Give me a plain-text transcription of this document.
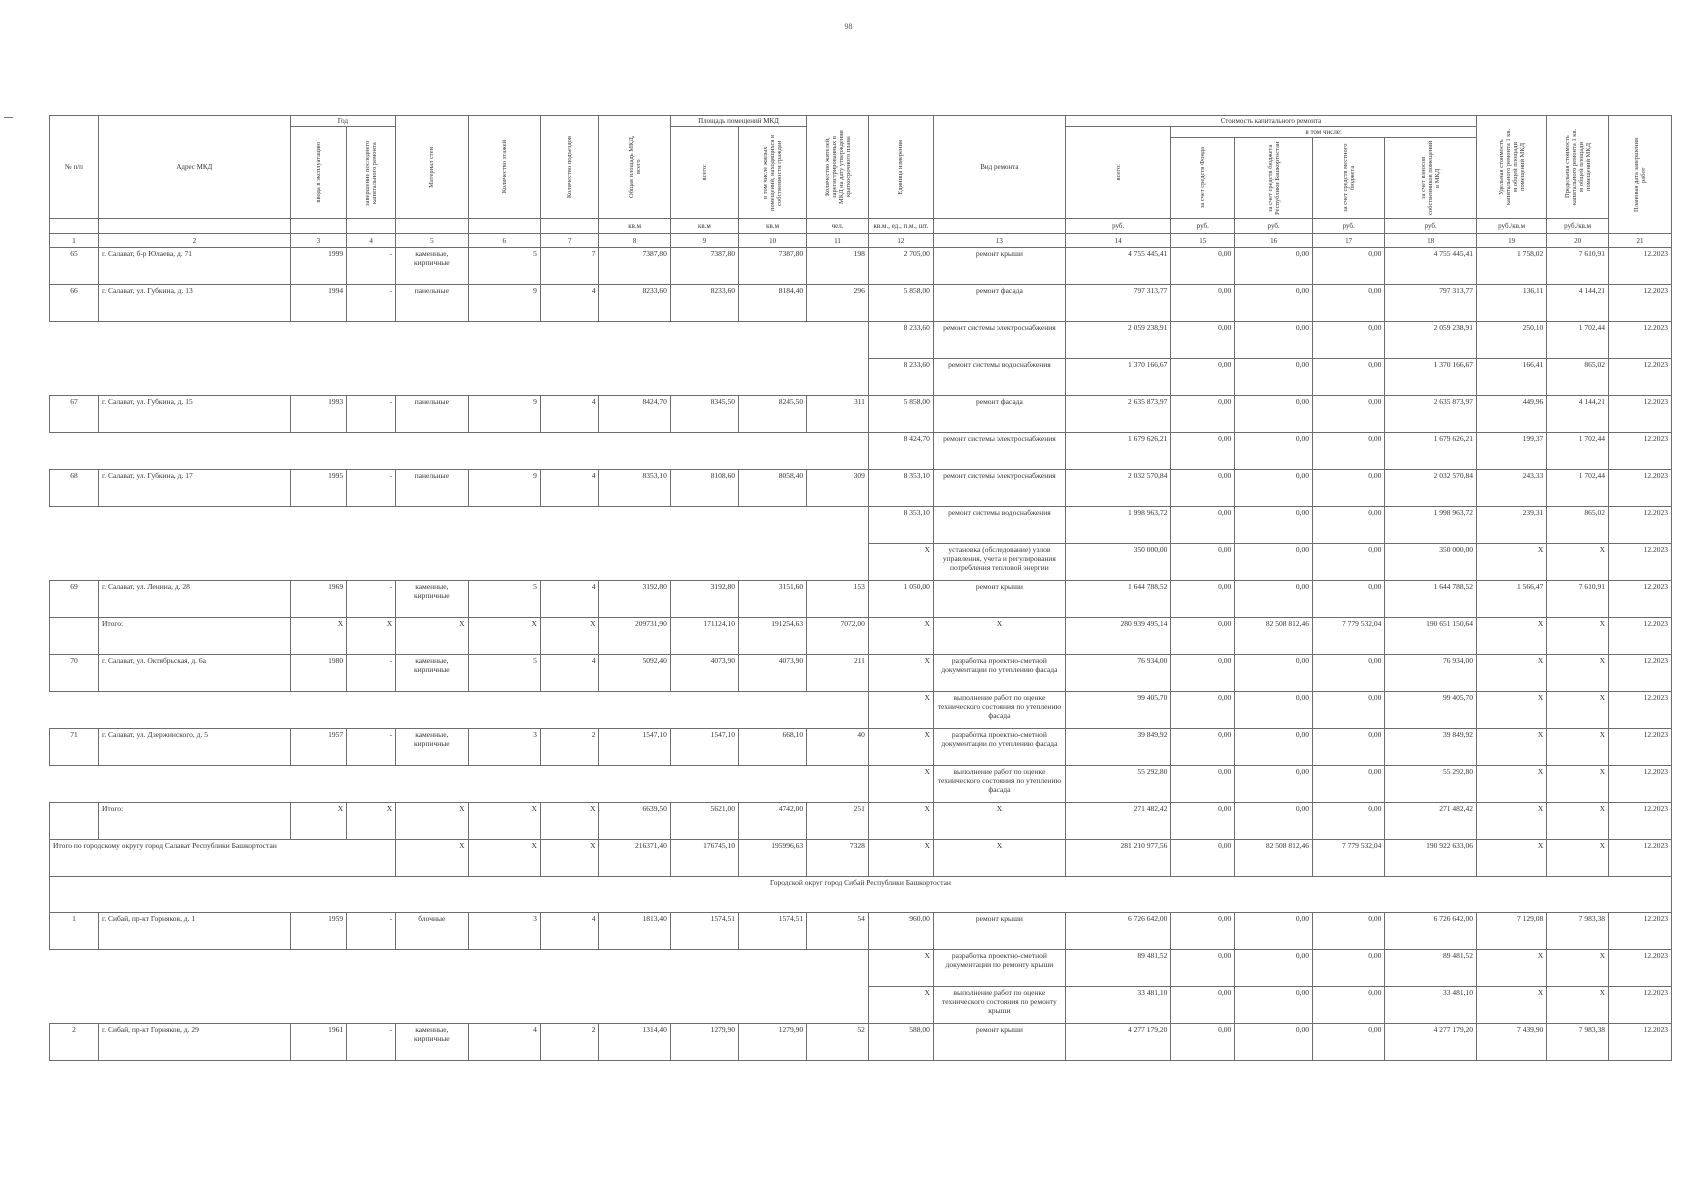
98
№ п/п	Адрес МКД	Год		Материал стен	Количество этажей	Количество подъездов	Общая площадь МКД, всего	Площадь помещений МКД		Количество жителей, зарегистрированных в МКД на дату утверждения краткосрочного плана	Единица измерения	Вид ремонта	Стоимость капитального ремонта					Удельная стоимость капитального ремонта 1 кв. м общей площади помещений МКД	Предельная стоимость капитального ремонта 1 кв. м общей площади помещений МКД	Плановая дата завершения работ

		ввода в эксплуатацию	завершение последнего капитального ремонта					всего:	в том числе жилых помещений, находящихся в собственности граждан				всего:	в том числе:						

														за счет средств Фонда	за счет средств бюджета Республики Башкортостан	за счет средств местного бюджета	за счет взносов собственников помещений в МКД			

							кв.м	кв.м	кв.м	чел.	кв.м., ед., п.м., шт.		руб.	руб.	руб.	руб.	руб.	руб./кв.м	руб./кв.м	
1	2	3	4	5	6	7	8	9	10	11	12	13	14	15	16	17	18	19	20	21
65	г. Салават, б-р Юлаева, д. 71	1999	-	каменные, кирпичные	5	7	7387,80	7387,80	7387,80	198	2 705,00	ремонт крыши	4 755 445,41	0,00	0,00	0,00	4 755 445,41	1 758,02	7 610,91	12.2023
66	г. Салават, ул. Губкина, д. 13	1994	-	панельные	9	4	8233,60	8233,60	8184,40	296	5 858,00	ремонт фасада	797 313,77	0,00	0,00	0,00	797 313,77	136,11	4 144,21	12.2023
											8 233,60	ремонт системы электроснабжения	2 059 238,91	0,00	0,00	0,00	2 059 238,91	250,10	1 702,44	12.2023
											8 233,60	ремонт системы водоснабжения	1 370 166,67	0,00	0,00	0,00	1 370 166,67	166,41	865,02	12.2023
67	г. Салават, ул. Губкина, д. 15	1993	-	панельные	9	4	8424,70	8345,50	8245,50	311	5 858,00	ремонт фасада	2 635 873,97	0,00	0,00	0,00	2 635 873,97	449,96	4 144,21	12.2023
											8 424,70	ремонт системы электроснабжения	1 679 626,21	0,00	0,00	0,00	1 679 626,21	199,37	1 702,44	12.2023
68	г. Салават, ул. Губкина, д. 17	1995	-	панельные	9	4	8353,10	8108,60	8058,40	309	8 353,10	ремонт системы электроснабжения	2 032 570,84	0,00	0,00	0,00	2 032 570,84	243,33	1 702,44	12.2023
											8 353,10	ремонт системы водоснабжения	1 998 963,72	0,00	0,00	0,00	1 998 963,72	239,31	865,02	12.2023
											Х	установка (обследование) узлов управления, учета и регулирования потребления тепловой энергии	350 000,00	0,00	0,00	0,00	350 000,00	Х	Х	12.2023
69	г. Салават, ул. Ленина, д. 28	1969	-	каменные, кирпичные	5	4	3192,80	3192,80	3151,60	153	1 050,00	ремонт крыши	1 644 788,52	0,00	0,00	0,00	1 644 788,52	1 566,47	7 610,91	12.2023
	Итого:	Х	Х	Х	Х	Х	209731,90	171124,10	191254,63	7072,00	Х	Х	280 939 495,14	0,00	82 508 812,46	7 779 532,04	190 651 150,64	Х	Х	12.2023
70	г. Салават, ул. Октябрьская, д. 6а	1980	-	каменные, кирпичные	5	4	5092,40	4073,90	4073,90	211	Х	разработка проектно-сметной документации по утеплению фасада	76 934,00	0,00	0,00	0,00	76 934,00	Х	Х	12.2023
											Х	выполнение работ по оценке технического состояния по утеплению фасада	99 405,70	0,00	0,00	0,00	99 405,70	Х	Х	12.2023
71	г. Салават, ул. Дзержинского, д. 5	1957	-	каменные, кирпичные	3	2	1547,10	1547,10	668,10	40	Х	разработка проектно-сметной документации по утеплению фасада	39 849,92	0,00	0,00	0,00	39 849,92	Х	Х	12.2023
											Х	выполнение работ по оценке технического состояния по утеплению фасада	55 292,80	0,00	0,00	0,00	55 292,80	Х	Х	12.2023
	Итого:	Х	Х	Х	Х	Х	6639,50	5621,00	4742,00	251	Х	Х	271 482,42	0,00	0,00	0,00	271 482,42	Х	Х	12.2023
Итого по городскому округу город Салават Республики Башкортостан				Х	Х	Х	216371,40	176745,10	195996,63	7328	Х	Х	281 210 977,56	0,00	82 508 812,46	7 779 532,04	190 922 633,06	Х	Х	12.2023
Городской округ город Сибай Республики Башкортостан																				
1	г. Сибай, пр-кт Горняков, д. 1	1959	-	блочные	3	4	1813,40	1574,51	1574,51	54	960,00	ремонт крыши	6 726 642,00	0,00	0,00	0,00	6 726 642,00	7 129,08	7 983,38	12.2023
											Х	разработка проектно-сметной документации по ремонту крыши	89 481,52	0,00	0,00	0,00	89 481,52	Х	Х	12.2023
											Х	выполнение работ по оценке технического состояния по ремонту крыши	33 481,10	0,00	0,00	0,00	33 481,10	Х	Х	12.2023
2	г. Сибай, пр-кт Горняков, д. 29	1961	-	каменные, кирпичные	4	2	1314,40	1279,90	1279,90	52	588,00	ремонт крыши	4 277 179,20	0,00	0,00	0,00	4 277 179,20	7 439,90	7 983,38	12.2023
